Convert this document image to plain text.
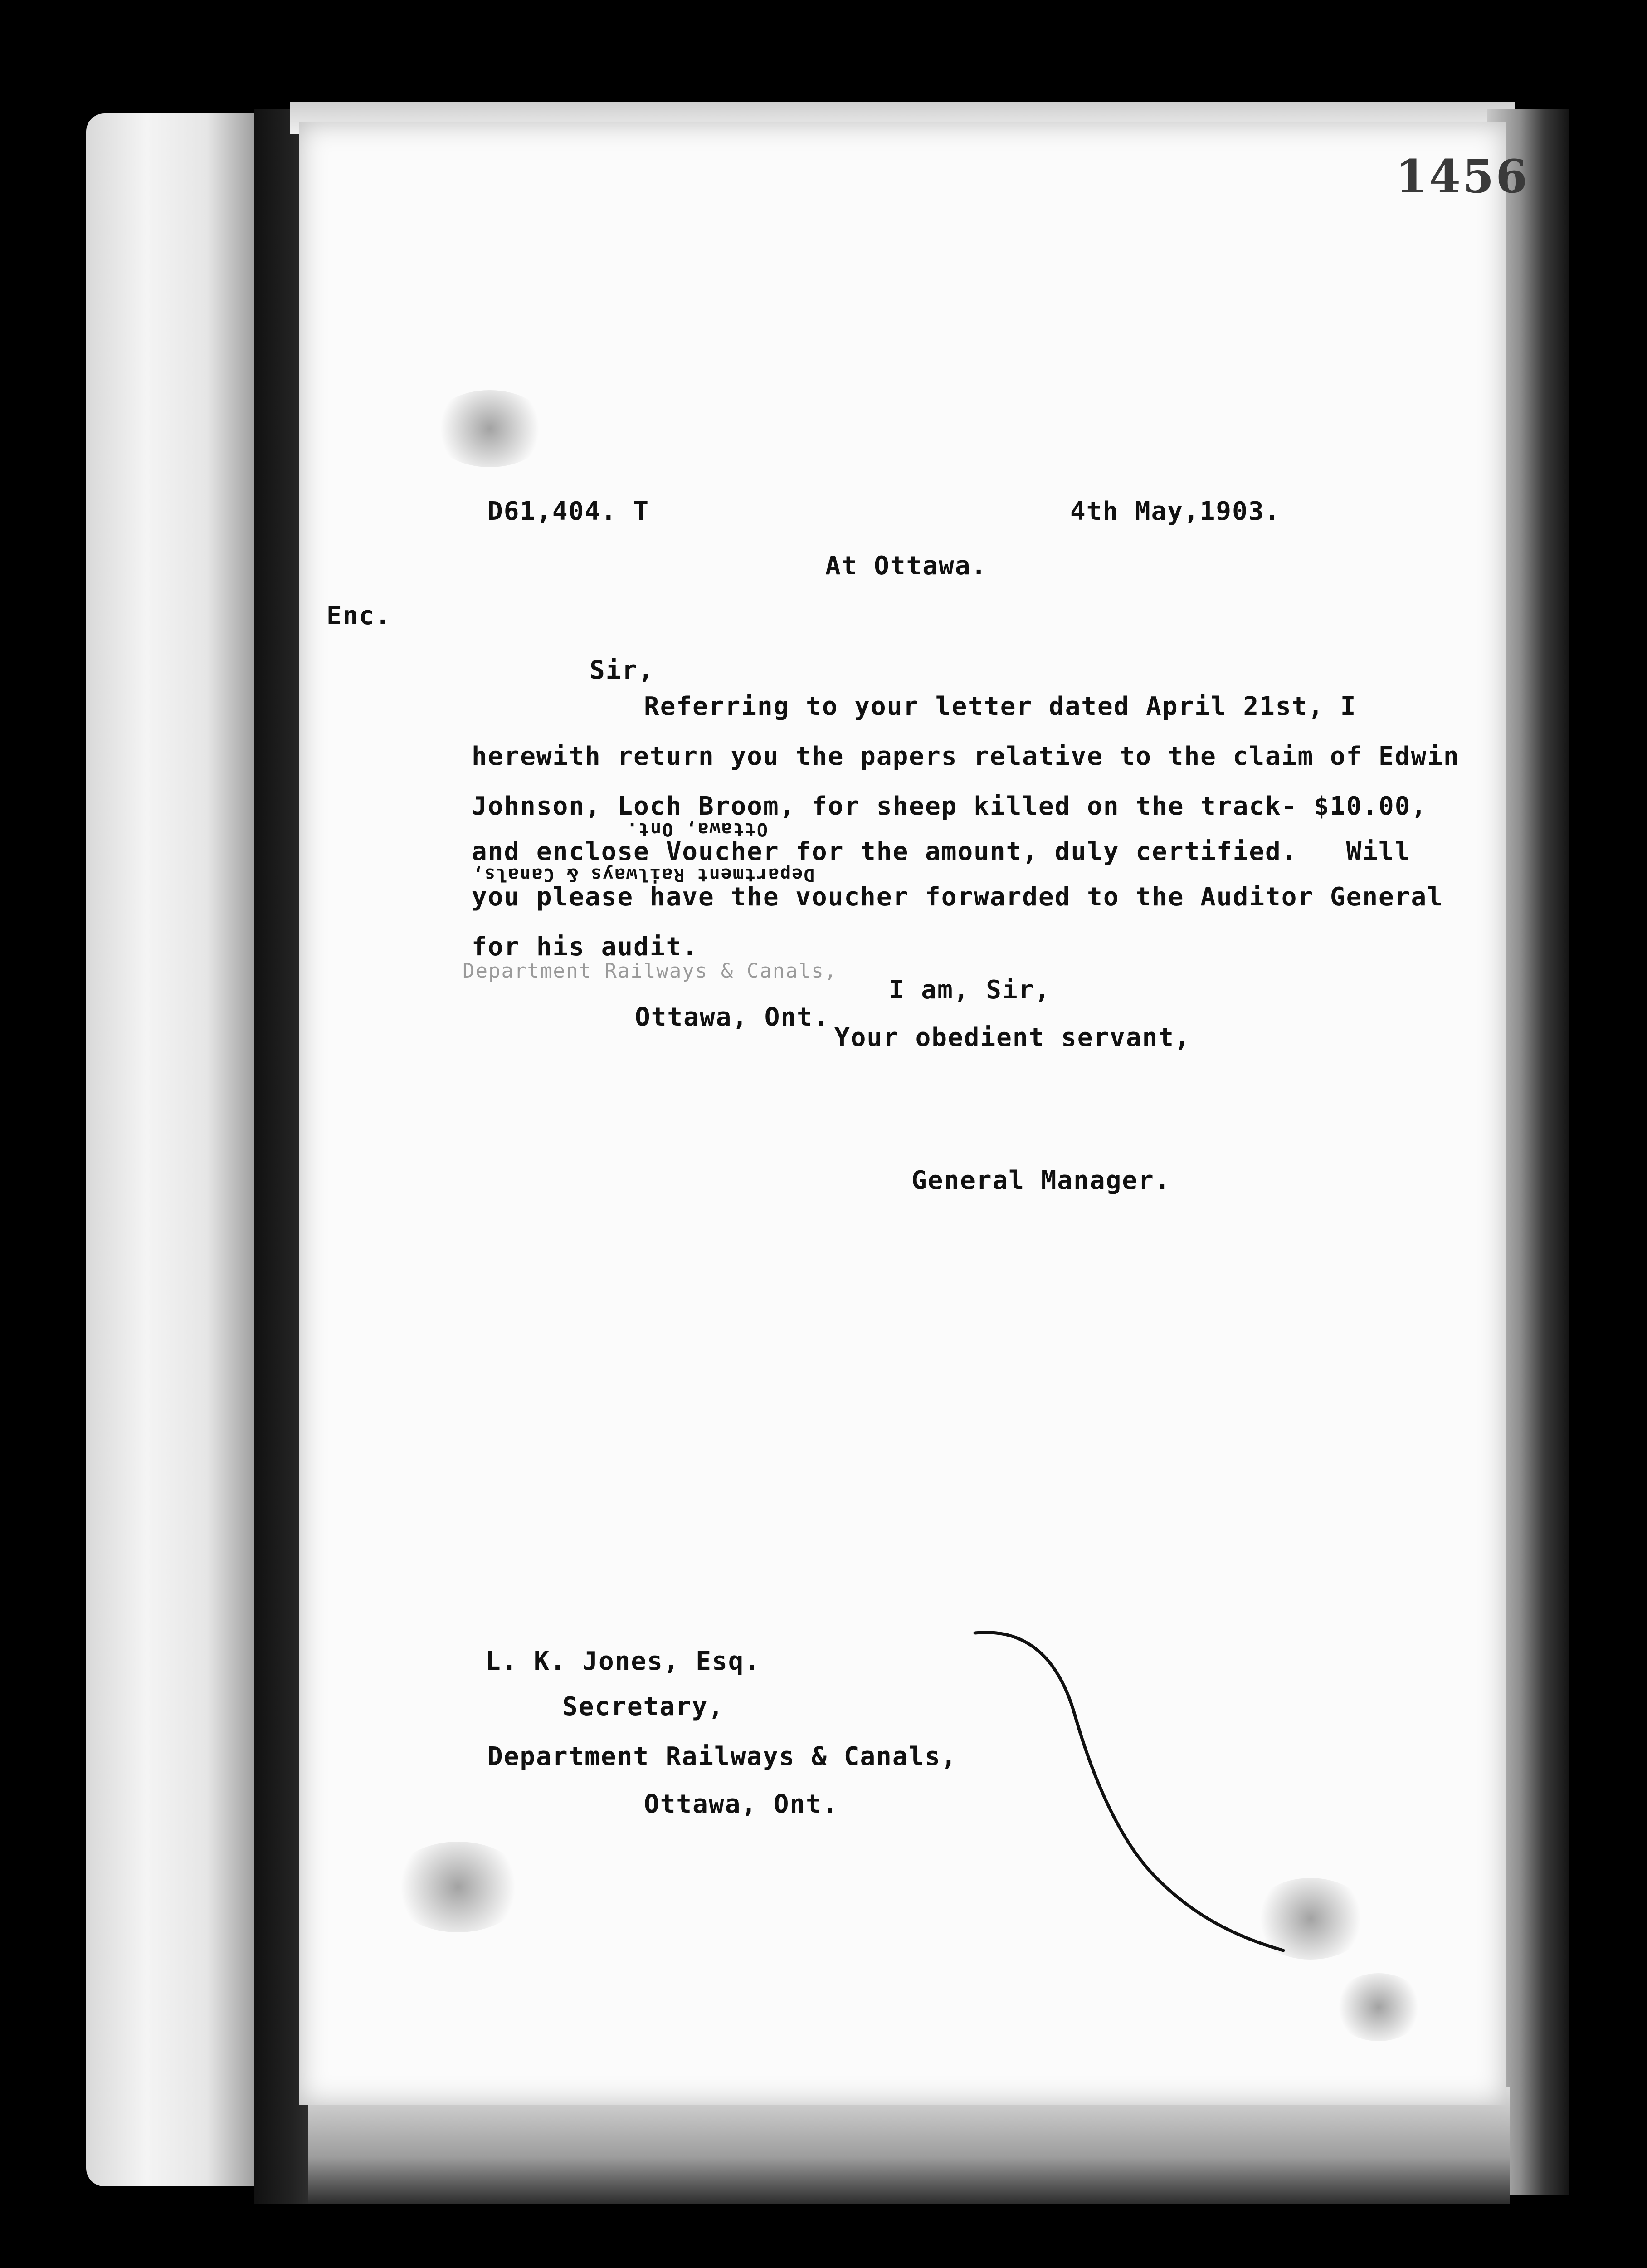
1456
D61,404. T	4th May,1903.
At Ottawa.
Enc.
Sir,
Referring to your letter dated April 21st, I
herewith return you the papers relative to the claim of Edwin
Johnson, Loch Broom, for sheep killed on the track- $10.00,
Ottawa, Ont.
and enclose Voucher for the amount, duly certified.   Will
Department Railways & Canals,
you please have the voucher forwarded to the Auditor General
for his audit.
Department Railways & Canals,
I am, Sir,
Ottawa, Ont.
Your obedient servant,
General Manager.
L. K. Jones, Esq.
Secretary,
Department Railways & Canals,
Ottawa, Ont.
